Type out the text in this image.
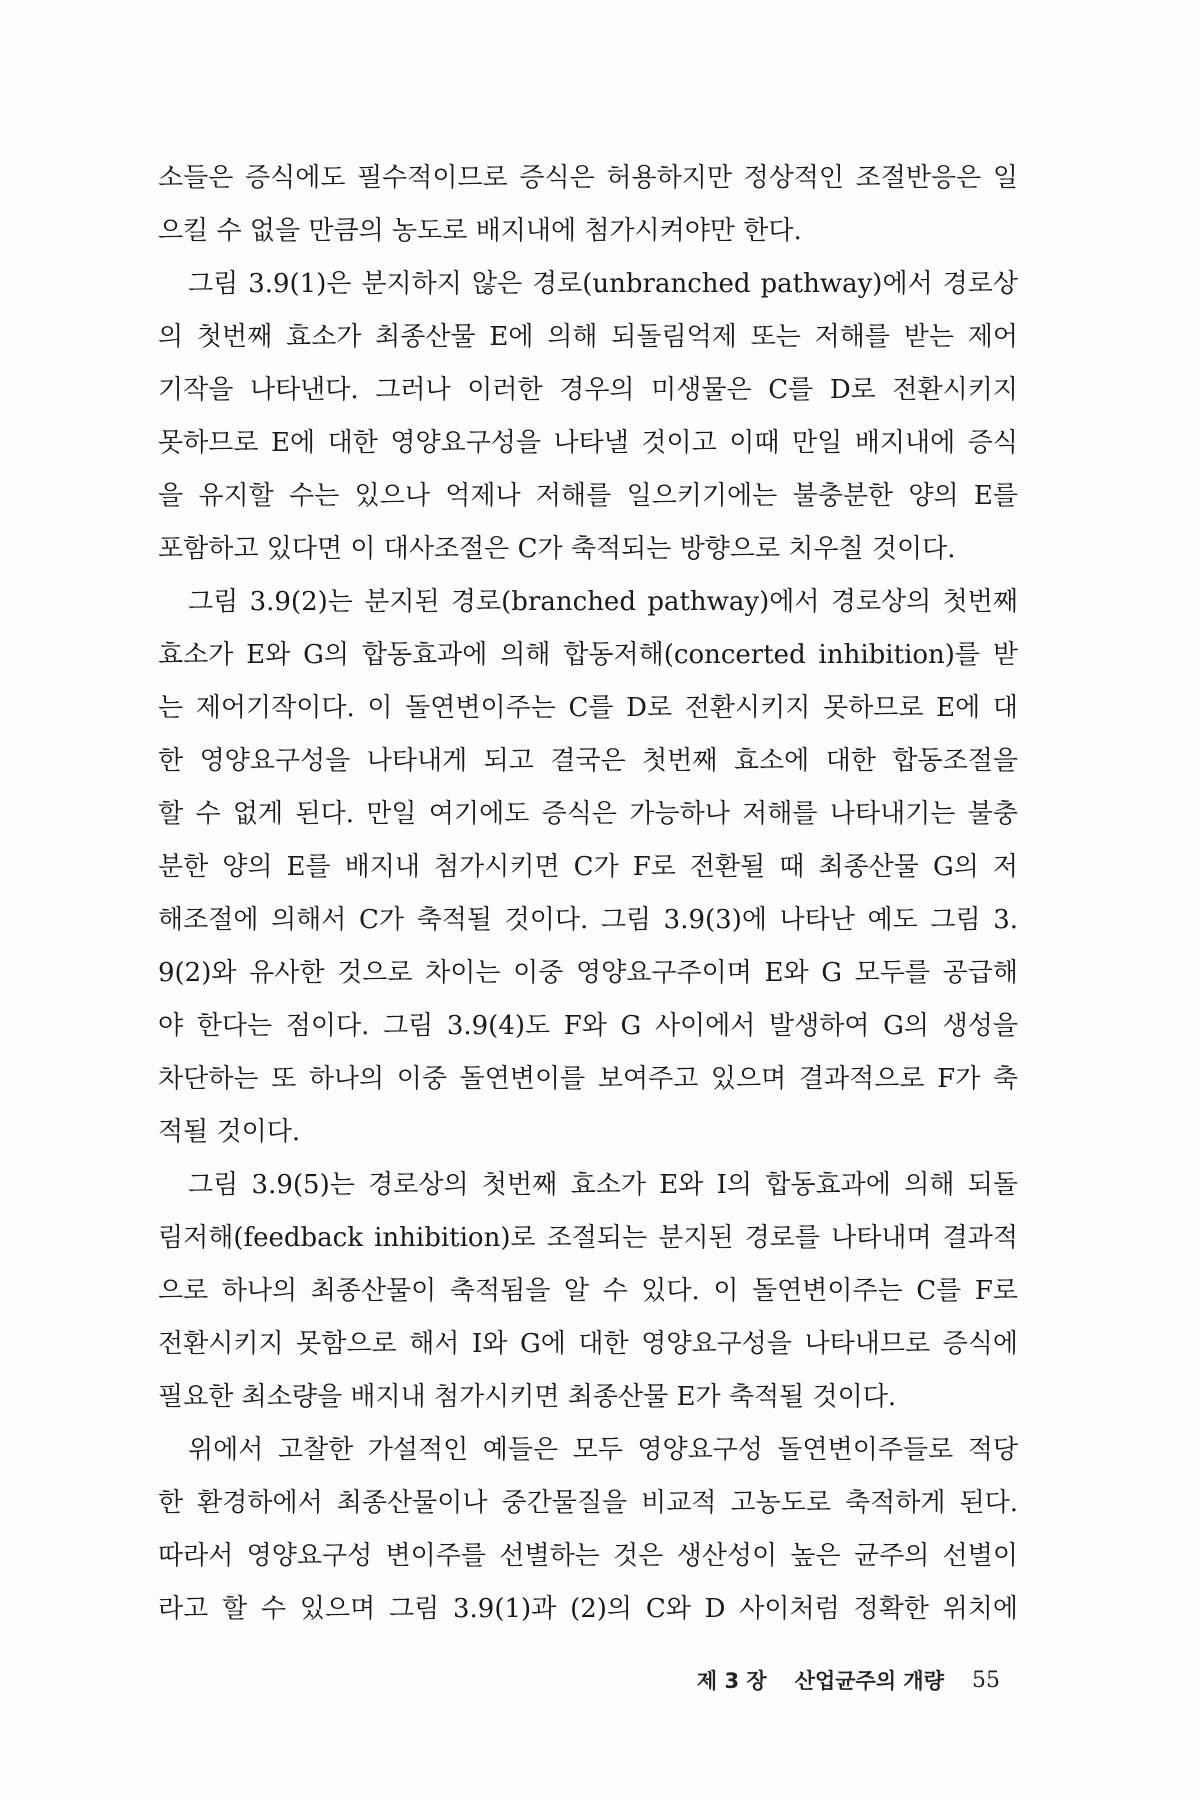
소들은 증식에도 필수적이므로 증식은 허용하지만 정상적인 조절반응은 일
으킬 수 없을 만큼의 농도로 배지내에 첨가시켜야만 한다.
그림 3.9(1)은 분지하지 않은 경로(unbranched pathway)에서 경로상
의 첫번째 효소가 최종산물 E에 의해 되돌림억제 또는 저해를 받는 제어
기작을 나타낸다. 그러나 이러한 경우의 미생물은 C를 D로 전환시키지
못하므로 E에 대한 영양요구성을 나타낼 것이고 이때 만일 배지내에 증식
을 유지할 수는 있으나 억제나 저해를 일으키기에는 불충분한 양의 E를
포함하고 있다면 이 대사조절은 C가 축적되는 방향으로 치우칠 것이다.
그림 3.9(2)는 분지된 경로(branched pathway)에서 경로상의 첫번째
효소가 E와 G의 합동효과에 의해 합동저해(concerted inhibition)를 받
는 제어기작이다. 이 돌연변이주는 C를 D로 전환시키지 못하므로 E에 대
한 영양요구성을 나타내게 되고 결국은 첫번째 효소에 대한 합동조절을
할 수 없게 된다. 만일 여기에도 증식은 가능하나 저해를 나타내기는 불충
분한 양의 E를 배지내 첨가시키면 C가 F로 전환될 때 최종산물 G의 저
해조절에 의해서 C가 축적될 것이다. 그림 3.9(3)에 나타난 예도 그림 3.
9(2)와 유사한 것으로 차이는 이중 영양요구주이며 E와 G 모두를 공급해
야 한다는 점이다. 그림 3.9(4)도 F와 G 사이에서 발생하여 G의 생성을
차단하는 또 하나의 이중 돌연변이를 보여주고 있으며 결과적으로 F가 축
적될 것이다.
그림 3.9(5)는 경로상의 첫번째 효소가 E와 I의 합동효과에 의해 되돌
림저해(feedback inhibition)로 조절되는 분지된 경로를 나타내며 결과적
으로 하나의 최종산물이 축적됨을 알 수 있다. 이 돌연변이주는 C를 F로
전환시키지 못함으로 해서 I와 G에 대한 영양요구성을 나타내므로 증식에
필요한 최소량을 배지내 첨가시키면 최종산물 E가 축적될 것이다.
위에서 고찰한 가설적인 예들은 모두 영양요구성 돌연변이주들로 적당
한 환경하에서 최종산물이나 중간물질을 비교적 고농도로 축적하게 된다.
따라서 영양요구성 변이주를 선별하는 것은 생산성이 높은 균주의 선별이
라고 할 수 있으며 그림 3.9(1)과 (2)의 C와 D 사이처럼 정확한 위치에
제 3 장 산업균주의 개량 55
